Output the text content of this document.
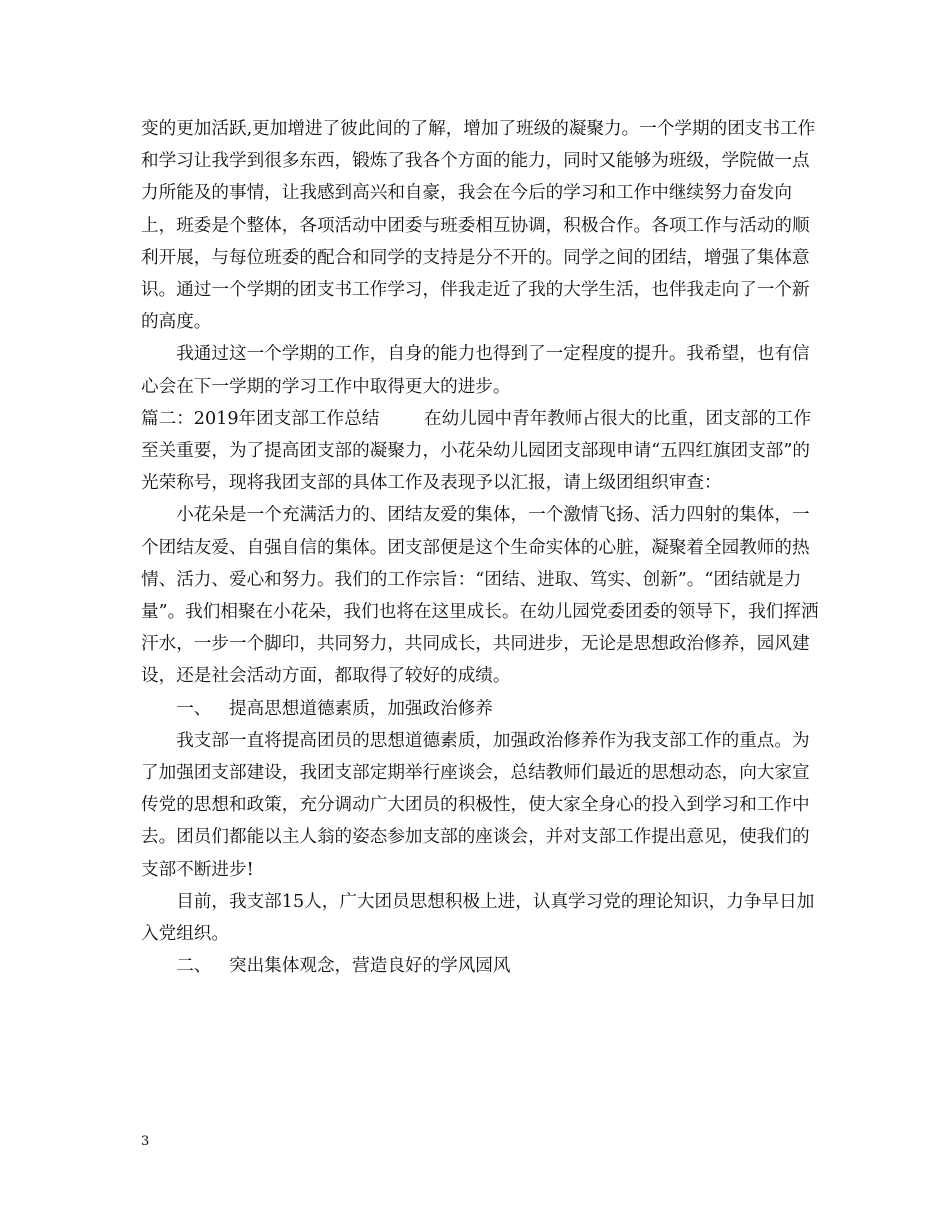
变的更加活跃,更加增进了彼此间的了解，增加了班级的凝聚力。一个学期的团支书工作和学习让我学到很多东西，锻炼了我各个方面的能力，同时又能够为班级，学院做一点力所能及的事情，让我感到高兴和自豪，我会在今后的学习和工作中继续努力奋发向上，班委是个整体，各项活动中团委与班委相互协调，积极合作。各项工作与活动的顺利开展，与每位班委的配合和同学的支持是分不开的。同学之间的团结，增强了集体意识。通过一个学期的团支书工作学习，伴我走近了我的大学生活，也伴我走向了一个新的高度。

我通过这一个学期的工作，自身的能力也得到了一定程度的提升。我希望，也有信心会在下一学期的学习工作中取得更大的进步。

篇二：2019年团支部工作总结        在幼儿园中青年教师占很大的比重，团支部的工作至关重要，为了提高团支部的凝聚力，小花朵幼儿园团支部现申请“五四红旗团支部”的光荣称号，现将我团支部的具体工作及表现予以汇报，请上级团组织审查：

小花朵是一个充满活力的、团结友爱的集体，一个激情飞扬、活力四射的集体，一个团结友爱、自强自信的集体。团支部便是这个生命实体的心脏，凝聚着全园教师的热情、活力、爱心和努力。我们的工作宗旨：“团结、进取、笃实、创新”。“团结就是力量”。我们相聚在小花朵，我们也将在这里成长。在幼儿园党委团委的领导下，我们挥洒汗水，一步一个脚印，共同努力，共同成长，共同进步，无论是思想政治修养，园风建设，还是社会活动方面，都取得了较好的成绩。

一、 提高思想道德素质，加强政治修养

我支部一直将提高团员的思想道德素质，加强政治修养作为我支部工作的重点。为了加强团支部建设，我团支部定期举行座谈会，总结教师们最近的思想动态，向大家宣传党的思想和政策，充分调动广大团员的积极性，使大家全身心的投入到学习和工作中去。团员们都能以主人翁的姿态参加支部的座谈会，并对支部工作提出意见，使我们的支部不断进步!

目前，我支部15人，广大团员思想积极上进，认真学习党的理论知识，力争早日加入党组织。

二、 突出集体观念，营造良好的学风园风

3
